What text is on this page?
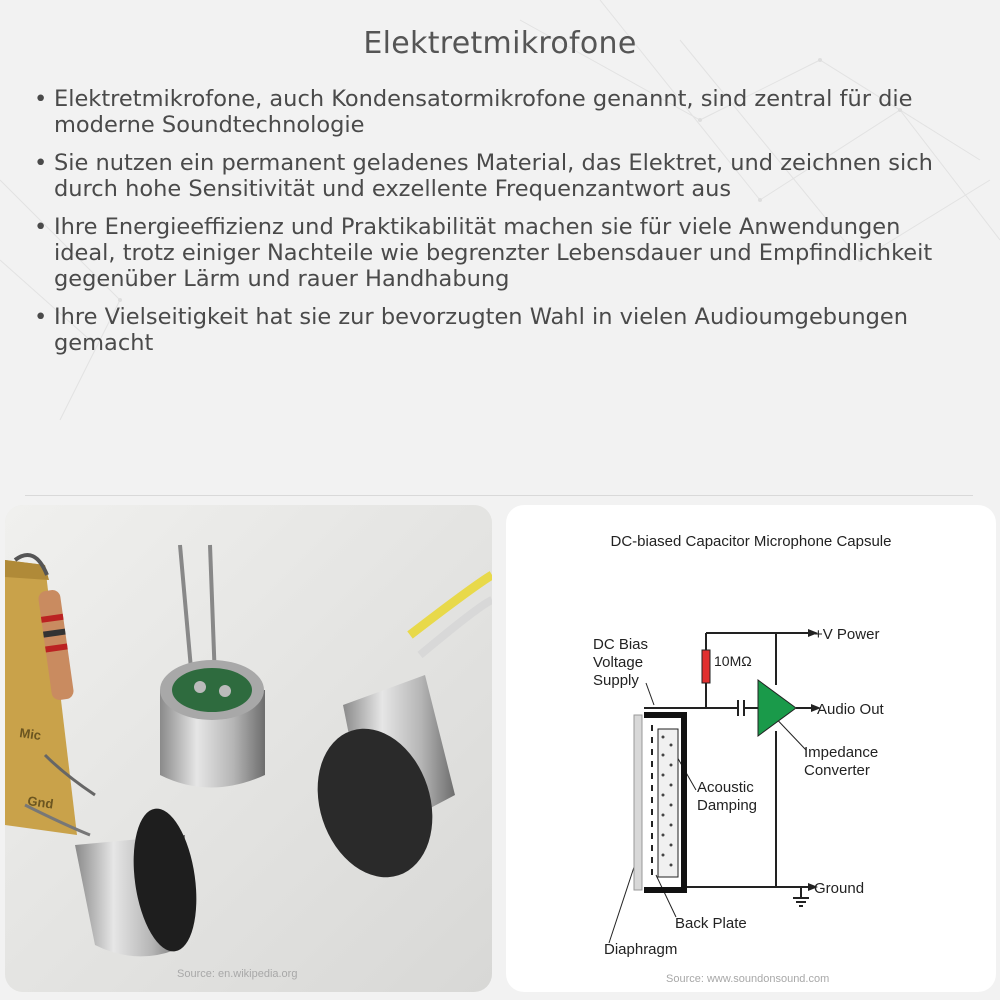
Elektretmikrofone
• Elektretmikrofone, auch Kondensatormikrofone genannt, sind zentral für die moderne Soundtechnologie
• Sie nutzen ein permanent geladenes Material, das Elektret, und zeichnen sich durch hohe Sensitivität und exzellente Frequenzantwort aus
• Ihre Energieeffizienz und Praktikabilität machen sie für viele Anwendungen ideal, trotz einiger Nachteile wie begrenzter Lebensdauer und Empfindlichkeit gegenüber Lärm und rauer Handhabung
• Ihre Vielseitigkeit hat sie zur bevorzugten Wahl in vielen Audioumgebungen gemacht
Mic
Gnd
Source: en.wikipedia.org
DC-biased Capacitor Microphone Capsule
DC Bias
Voltage
Supply
10MΩ
+V Power
Audio Out
Impedance
Converter
Acoustic
Damping
Ground
Back Plate
Diaphragm
Source: www.soundonsound.com
